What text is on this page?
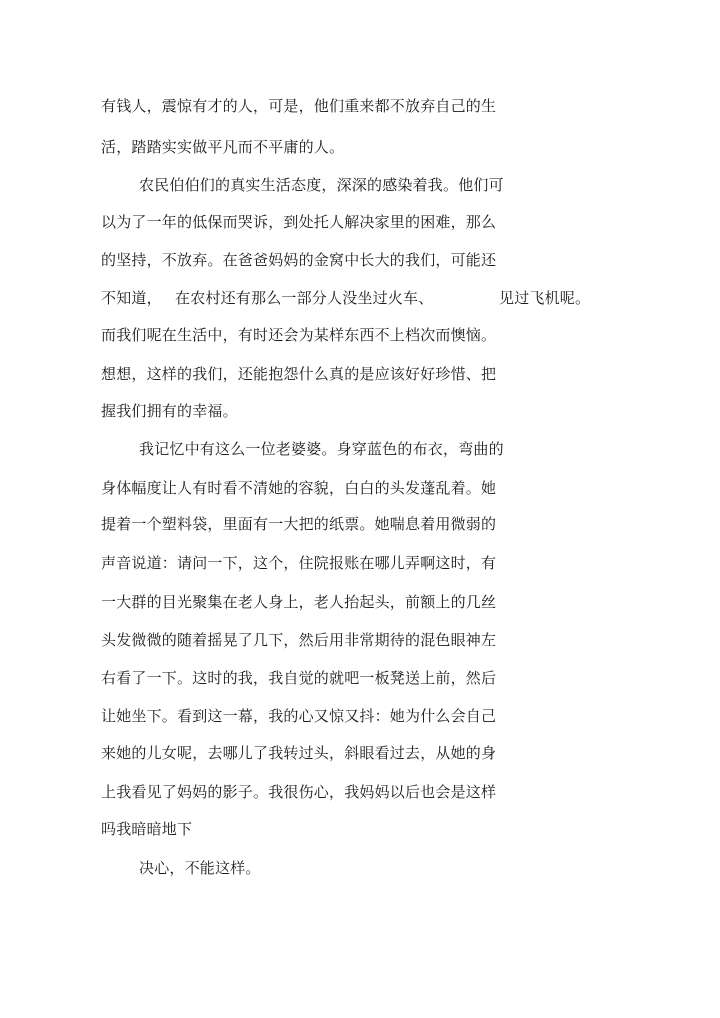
有钱人，震惊有才的人，可是，他们重来都不放弃自己的生
活，踏踏实实做平凡而不平庸的人。
农民伯伯们的真实生活态度，深深的感染着我。他们可
以为了一年的低保而哭诉，到处托人解决家里的困难，那么
的坚持，不放弃。在爸爸妈妈的金窝中长大的我们，可能还
不知道， 在农村还有那么一部分人没坐过火车、	见过飞机呢。
而我们呢在生活中，有时还会为某样东西不上档次而懊恼。
想想，这样的我们，还能抱怨什么真的是应该好好珍惜、把
握我们拥有的幸福。
我记忆中有这么一位老婆婆。身穿蓝色的布衣，弯曲的
身体幅度让人有时看不清她的容貌，白白的头发蓬乱着。她
提着一个塑料袋，里面有一大把的纸票。她喘息着用微弱的
声音说道：请问一下，这个，住院报账在哪儿弄啊这时，有
一大群的目光聚集在老人身上，老人抬起头，前额上的几丝
头发微微的随着摇晃了几下，然后用非常期待的混色眼神左
右看了一下。这时的我，我自觉的就吧一板凳送上前，然后
让她坐下。看到这一幕，我的心又惊又抖：她为什么会自己
来她的儿女呢，去哪儿了我转过头，斜眼看过去，从她的身
上我看见了妈妈的影子。我很伤心，我妈妈以后也会是这样
吗我暗暗地下
决心，不能这样。
